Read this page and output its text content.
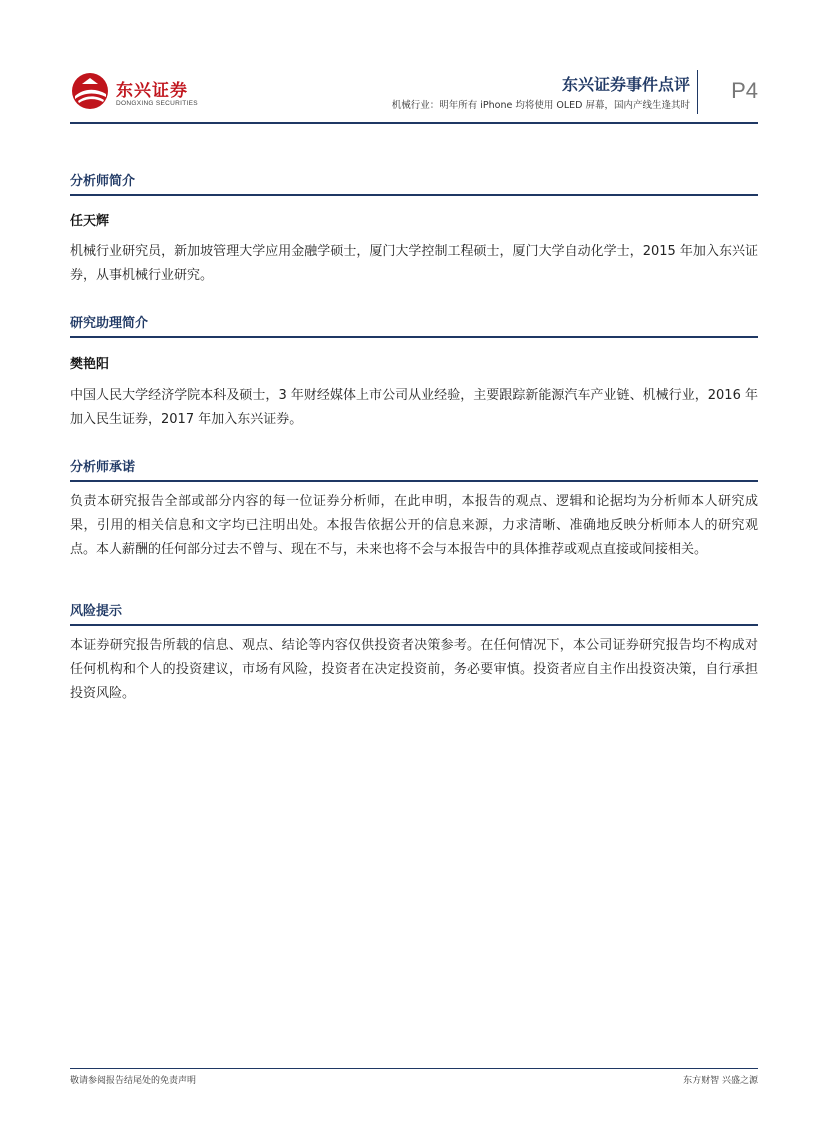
东兴证券
DONGXING SECURITIES
东兴证券事件点评
机械行业：明年所有 iPhone 均将使用 OLED 屏幕，国内产线生逢其时
P4
分析师简介
任天辉
机械行业研究员，新加坡管理大学应用金融学硕士，厦门大学控制工程硕士，厦门大学自动化学士，2015 年加入东兴证券，从事机械行业研究。
研究助理简介
樊艳阳
中国人民大学经济学院本科及硕士，3 年财经媒体上市公司从业经验，主要跟踪新能源汽车产业链、机械行业，2016 年加入民生证券，2017 年加入东兴证券。
分析师承诺
负责本研究报告全部或部分内容的每一位证券分析师，在此申明，本报告的观点、逻辑和论据均为分析师本人研究成果，引用的相关信息和文字均已注明出处。本报告依据公开的信息来源，力求清晰、准确地反映分析师本人的研究观点。本人薪酬的任何部分过去不曾与、现在不与，未来也将不会与本报告中的具体推荐或观点直接或间接相关。
风险提示
本证券研究报告所载的信息、观点、结论等内容仅供投资者决策参考。在任何情况下，本公司证券研究报告均不构成对任何机构和个人的投资建议，市场有风险，投资者在决定投资前，务必要审慎。投资者应自主作出投资决策，自行承担投资风险。
敬请参阅报告结尾处的免责声明	东方财智 兴盛之源
